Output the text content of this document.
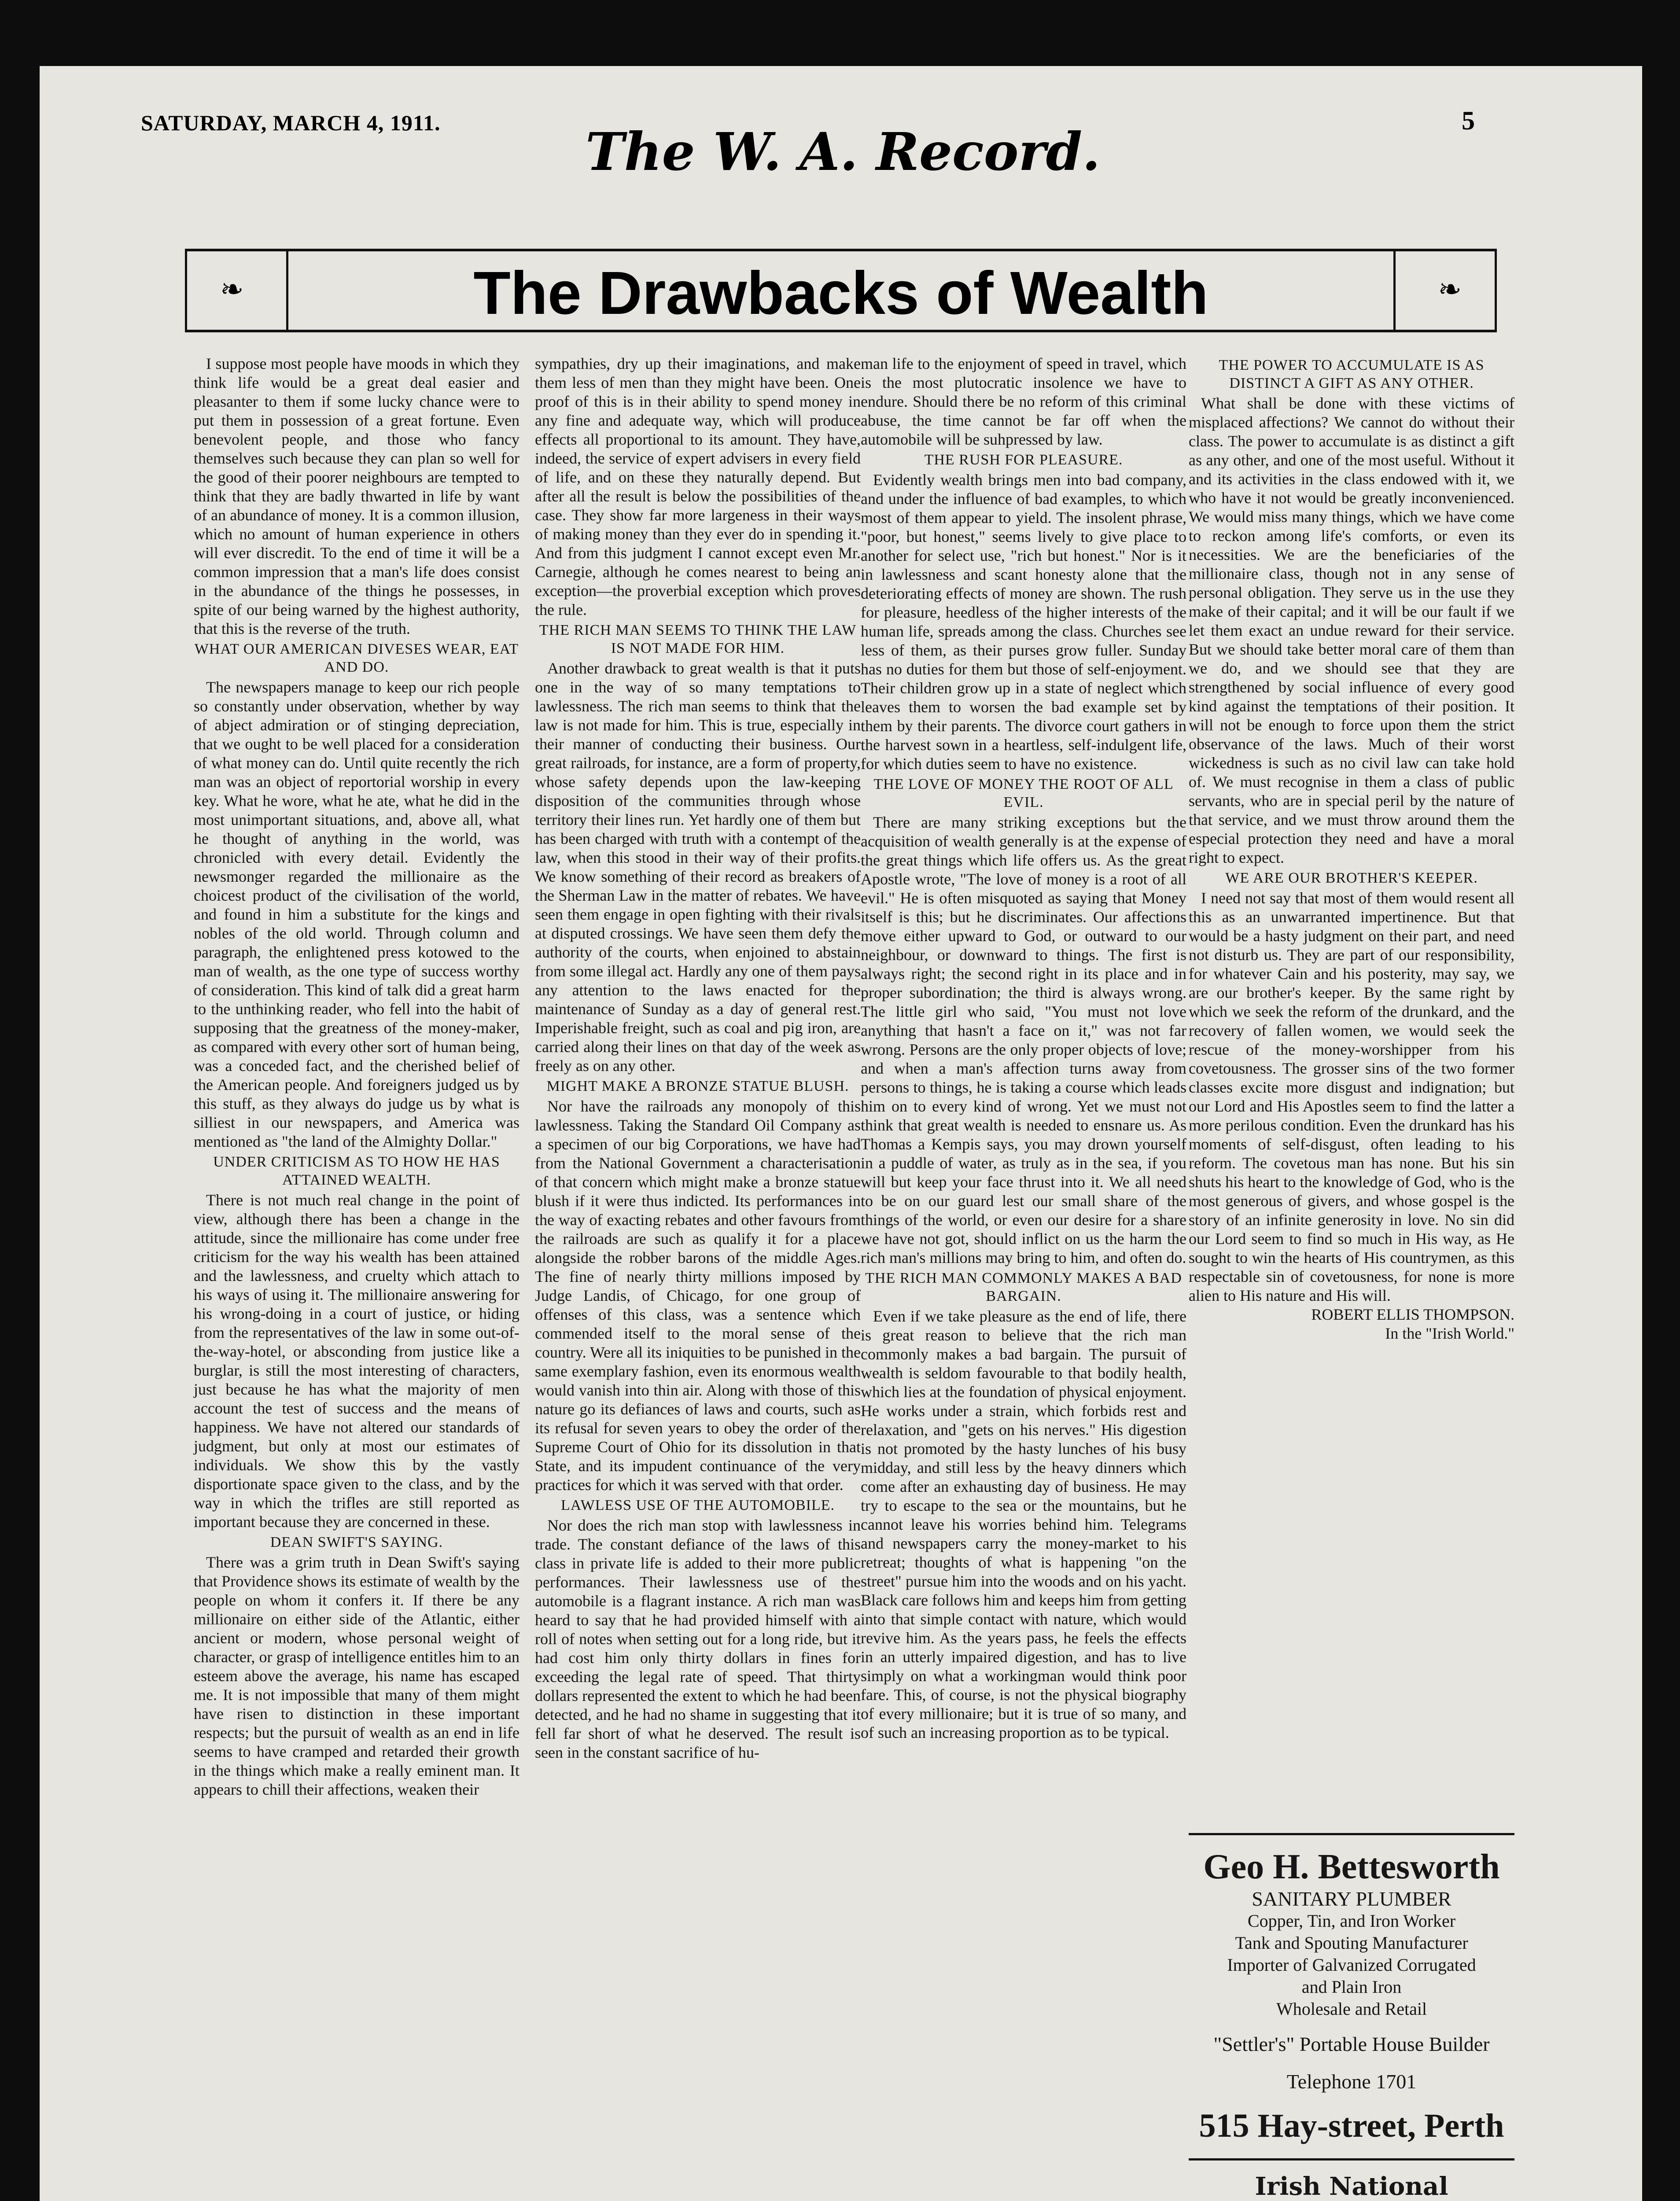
SATURDAY, MARCH 4, 1911.	The W. A. Record.
5
❧	❧
The Drawbacks of Wealth

I suppose most people have moods in which they think life would be a great deal easier and pleasanter to them if some lucky chance were to put them in possession of a great fortune. Even benevolent people, and those who fancy themselves such because they can plan so well for the good of their poorer neighbours are tempted to think that they are badly thwarted in life by want of an abundance of money. It is a common illusion, which no amount of human experience in others will ever discredit. To the end of time it will be a common impression that a man's life does consist in the abundance of the things he possesses, in spite of our being warned by the highest authority, that this is the reverse of the truth.

WHAT OUR AMERICAN DIVESES WEAR, EAT AND DO.

The newspapers manage to keep our rich people so constantly under observation, whether by way of abject admiration or of stinging depreciation, that we ought to be well placed for a consideration of what money can do. Until quite recently the rich man was an object of reportorial worship in every key. What he wore, what he ate, what he did in the most unimportant situations, and, above all, what he thought of anything in the world, was chronicled with every detail. Evidently the newsmonger regarded the millionaire as the choicest product of the civilisation of the world, and found in him a substitute for the kings and nobles of the old world. Through column and paragraph, the enlightened press kotowed to the man of wealth, as the one type of success worthy of consideration. This kind of talk did a great harm to the unthinking reader, who fell into the habit of supposing that the greatness of the money-maker, as compared with every other sort of human being, was a conceded fact, and the cherished belief of the American people. And foreigners judged us by this stuff, as they always do judge us by what is silliest in our newspapers, and America was mentioned as "the land of the Almighty Dollar."

UNDER CRITICISM AS TO HOW HE HAS ATTAINED WEALTH.

There is not much real change in the point of view, although there has been a change in the attitude, since the millionaire has come under free criticism for the way his wealth has been attained and the lawlessness, and cruelty which attach to his ways of using it. The millionaire answering for his wrong-doing in a court of justice, or hiding from the representatives of the law in some out-of-the-way-hotel, or absconding from justice like a burglar, is still the most interesting of characters, just because he has what the majority of men account the test of success and the means of happiness. We have not altered our standards of judgment, but only at most our estimates of individuals. We show this by the vastly disportionate space given to the class, and by the way in which the trifles are still reported as important because they are concerned in these.

DEAN SWIFT'S SAYING.

There was a grim truth in Dean Swift's saying that Providence shows its estimate of wealth by the people on whom it confers it. If there be any millionaire on either side of the Atlantic, either ancient or modern, whose personal weight of character, or grasp of intelligence entitles him to an esteem above the average, his name has escaped me. It is not impossible that many of them might have risen to distinction in these important respects; but the pursuit of wealth as an end in life seems to have cramped and retarded their growth in the things which make a really eminent man. It appears to chill their affections, weaken their

sympathies, dry up their imaginations, and make them less of men than they might have been. One proof of this is in their ability to spend money in any fine and adequate way, which will produce effects all proportional to its amount. They have, indeed, the service of expert advisers in every field of life, and on these they naturally depend. But after all the result is below the possibilities of the case. They show far more largeness in their ways of making money than they ever do in spending it. And from this judgment I cannot except even Mr. Carnegie, although he comes nearest to being an exception—the proverbial exception which proves the rule.

THE RICH MAN SEEMS TO THINK THE LAW IS NOT MADE FOR HIM.

Another drawback to great wealth is that it puts one in the way of so many temptations to lawlessness. The rich man seems to think that the law is not made for him. This is true, especially in their manner of conducting their business. Our great railroads, for instance, are a form of property, whose safety depends upon the law-keeping disposition of the communities through whose territory their lines run. Yet hardly one of them but has been charged with truth with a contempt of the law, when this stood in their way of their profits. We know something of their record as breakers of the Sherman Law in the matter of rebates. We have seen them engage in open fighting with their rivals at disputed crossings. We have seen them defy the authority of the courts, when enjoined to abstain from some illegal act. Hardly any one of them pays any attention to the laws enacted for the maintenance of Sunday as a day of general rest. Imperishable freight, such as coal and pig iron, are carried along their lines on that day of the week as freely as on any other.

MIGHT MAKE A BRONZE STATUE BLUSH.

Nor have the railroads any monopoly of this lawlessness. Taking the Standard Oil Company as a specimen of our big Corporations, we have had from the National Government a characterisation of that concern which might make a bronze statue blush if it were thus indicted. Its performances in the way of exacting rebates and other favours from the railroads are such as qualify it for a place alongside the robber barons of the middle Ages. The fine of nearly thirty millions imposed by Judge Landis, of Chicago, for one group of offenses of this class, was a sentence which commended itself to the moral sense of the country. Were all its iniquities to be punished in the same exemplary fashion, even its enormous wealth would vanish into thin air. Along with those of this nature go its defiances of laws and courts, such as its refusal for seven years to obey the order of the Supreme Court of Ohio for its dissolution in that State, and its impudent continuance of the very practices for which it was served with that order.

LAWLESS USE OF THE AUTOMOBILE.

Nor does the rich man stop with lawlessness in trade. The constant defiance of the laws of this class in private life is added to their more public performances. Their lawlessness use of the automobile is a flagrant instance. A rich man was heard to say that he had provided himself with a roll of notes when setting out for a long ride, but it had cost him only thirty dollars in fines for exceeding the legal rate of speed. That thirty dollars represented the extent to which he had been detected, and he had no shame in suggesting that it fell far short of what he deserved. The result is seen in the constant sacrifice of hu-

man life to the enjoyment of speed in travel, which is the most plutocratic insolence we have to endure. Should there be no reform of this criminal abuse, the time cannot be far off when the automobile will be suhpressed by law.

THE RUSH FOR PLEASURE.

Evidently wealth brings men into bad company, and under the influence of bad examples, to which most of them appear to yield. The insolent phrase, "poor, but honest," seems lively to give place to another for select use, "rich but honest." Nor is it in lawlessness and scant honesty alone that the deteriorating effects of money are shown. The rush for pleasure, heedless of the higher interests of the human life, spreads among the class. Churches see less of them, as their purses grow fuller. Sunday has no duties for them but those of self-enjoyment. Their children grow up in a state of neglect which leaves them to worsen the bad example set by them by their parents. The divorce court gathers in the harvest sown in a heartless, self-indulgent life, for which duties seem to have no existence.

THE LOVE OF MONEY THE ROOT OF ALL EVIL.

There are many striking exceptions but the acquisition of wealth generally is at the expense of the great things which life offers us. As the great Apostle wrote, "The love of money is a root of all evil." He is often misquoted as saying that Money itself is this; but he discriminates. Our affections move either upward to God, or outward to our neighbour, or downward to things. The first is always right; the second right in its place and in proper subordination; the third is always wrong. The little girl who said, "You must not love anything that hasn't a face on it," was not far wrong. Persons are the only proper objects of love; and when a man's affection turns away from persons to things, he is taking a course which leads him on to every kind of wrong. Yet we must not think that great wealth is needed to ensnare us. As Thomas a Kempis says, you may drown yourself in a puddle of water, as truly as in the sea, if you will but keep your face thrust into it. We all need to be on our guard lest our small share of the things of the world, or even our desire for a share we have not got, should inflict on us the harm the rich man's millions may bring to him, and often do.

THE RICH MAN COMMONLY MAKES A BAD BARGAIN.

Even if we take pleasure as the end of life, there is great reason to believe that the rich man commonly makes a bad bargain. The pursuit of wealth is seldom favourable to that bodily health, which lies at the foundation of physical enjoyment. He works under a strain, which forbids rest and relaxation, and "gets on his nerves." His digestion is not promoted by the hasty lunches of his busy midday, and still less by the heavy dinners which come after an exhausting day of business. He may try to escape to the sea or the mountains, but he cannot leave his worries behind him. Telegrams and newspapers carry the money-market to his retreat; thoughts of what is happening "on the street" pursue him into the woods and on his yacht. Black care follows him and keeps him from getting into that simple contact with nature, which would revive him. As the years pass, he feels the effects in an utterly impaired digestion, and has to live simply on what a workingman would think poor fare. This, of course, is not the physical biography of every millionaire; but it is true of so many, and of such an increasing proportion as to be typical.

THE POWER TO ACCUMULATE IS AS DISTINCT A GIFT AS ANY OTHER.

What shall be done with these victims of misplaced affections? We cannot do without their class. The power to accumulate is as distinct a gift as any other, and one of the most useful. Without it and its activities in the class endowed with it, we who have it not would be greatly inconvenienced. We would miss many things, which we have come to reckon among life's comforts, or even its necessities. We are the beneficiaries of the millionaire class, though not in any sense of personal obligation. They serve us in the use they make of their capital; and it will be our fault if we let them exact an undue reward for their service. But we should take better moral care of them than we do, and we should see that they are strengthened by social influence of every good kind against the temptations of their position. It will not be enough to force upon them the strict observance of the laws. Much of their worst wickedness is such as no civil law can take hold of. We must recognise in them a class of public servants, who are in special peril by the nature of that service, and we must throw around them the especial protection they need and have a moral right to expect.

WE ARE OUR BROTHER'S KEEPER.

I need not say that most of them would resent all this as an unwarranted impertinence. But that would be a hasty judgment on their part, and need not disturb us. They are part of our responsibility, for whatever Cain and his posterity, may say, we are our brother's keeper. By the same right by which we seek the reform of the drunkard, and the recovery of fallen women, we would seek the rescue of the money-worshipper from his covetousness. The grosser sins of the two former classes excite more disgust and indignation; but our Lord and His Apostles seem to find the latter a more perilous condition. Even the drunkard has his moments of self-disgust, often leading to his reform. The covetous man has none. But his sin shuts his heart to the knowledge of God, who is the most generous of givers, and whose gospel is the story of an infinite generosity in love. No sin did our Lord seem to find so much in His way, as He sought to win the hearts of His countrymen, as this respectable sin of covetousness, for none is more alien to His nature and His will.

ROBERT ELLIS THOMPSON.

In the "Irish World."

Geo H. Bettesworth
SANITARY PLUMBER
Copper, Tin, and Iron Worker
Tank and Spouting Manufacturer
Importer of Galvanized Corrugated
and Plain Iron
Wholesale and Retail
"Settler's" Portable House Builder
Telephone 1701
515 Hay-street, Perth
Irish National
